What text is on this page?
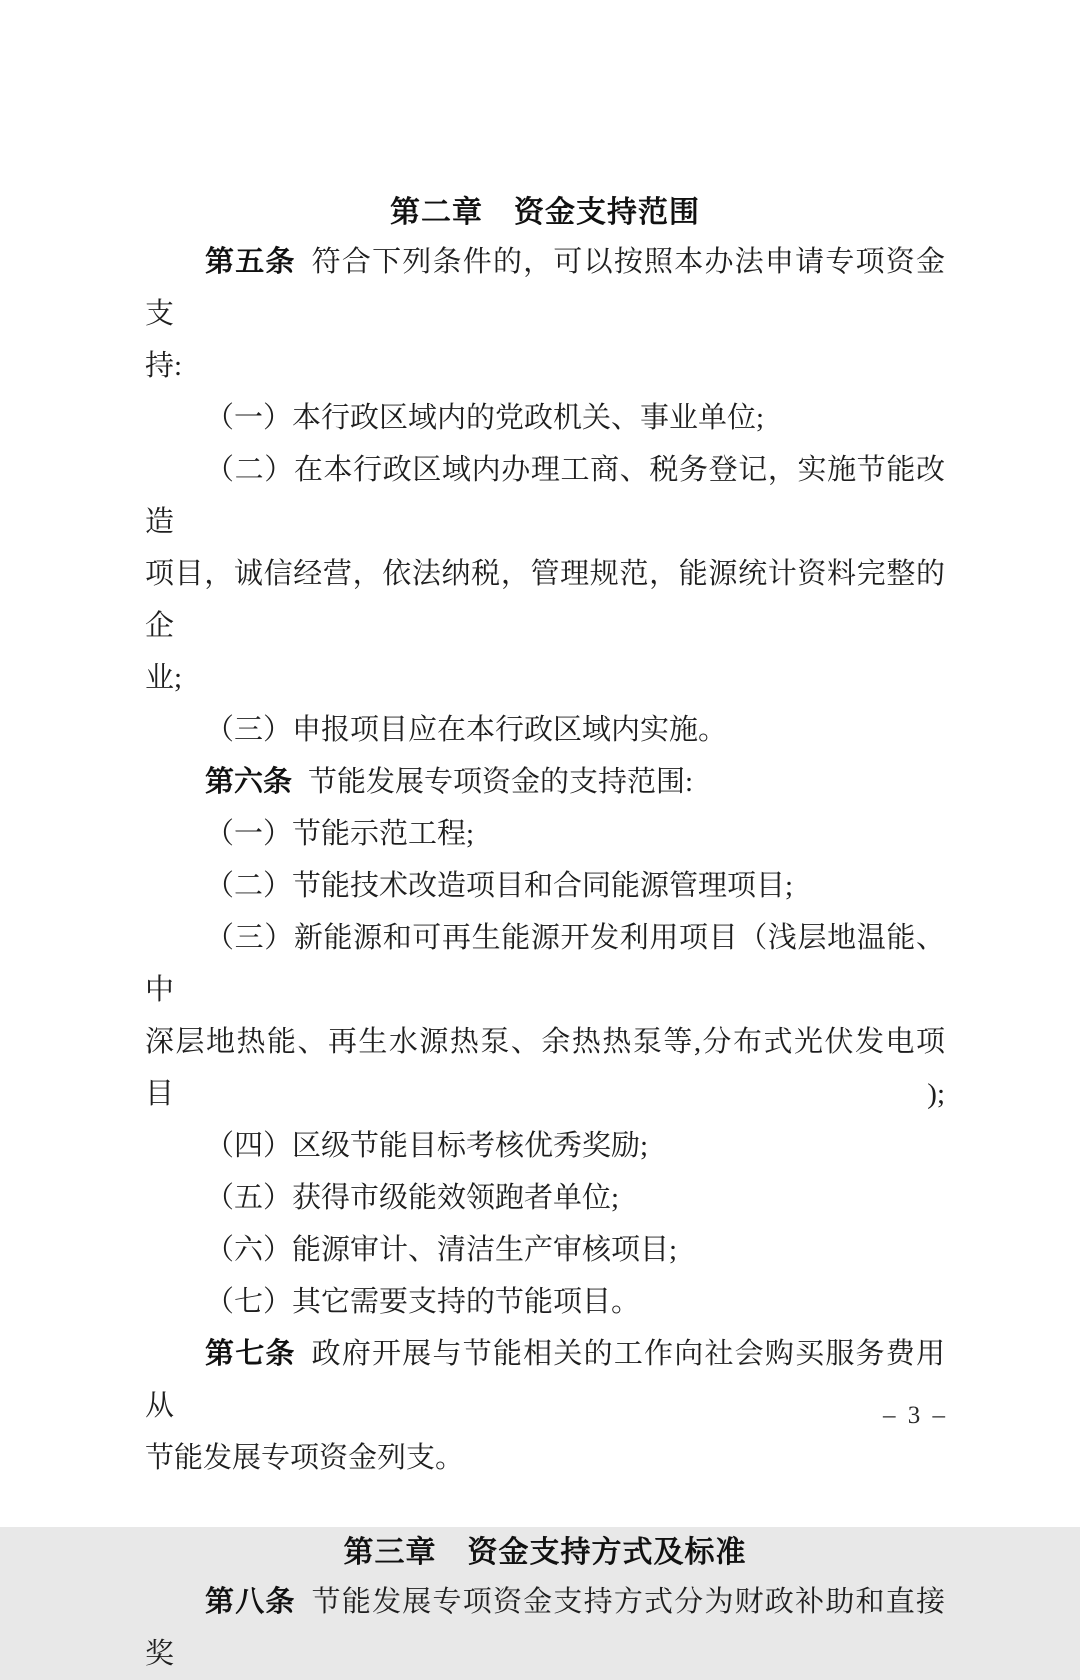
第二章　资金支持范围
第五条 符合下列条件的，可以按照本办法申请专项资金支
持:
（一）本行政区域内的党政机关、事业单位;
（二）在本行政区域内办理工商、税务登记，实施节能改造
项目，诚信经营，依法纳税，管理规范，能源统计资料完整的企
业;
（三）申报项目应在本行政区域内实施。
第六条 节能发展专项资金的支持范围:
（一）节能示范工程;
（二）节能技术改造项目和合同能源管理项目;
（三）新能源和可再生能源开发利用项目（浅层地温能、中
深层地热能、再生水源热泵、余热热泵等,分布式光伏发电项目);
（四）区级节能目标考核优秀奖励;
（五）获得市级能效领跑者单位;
（六）能源审计、清洁生产审核项目;
（七）其它需要支持的节能项目。
第七条 政府开展与节能相关的工作向社会购买服务费用从
节能发展专项资金列支。
第三章　资金支持方式及标准
第八条 节能发展专项资金支持方式分为财政补助和直接奖
– 3 –
